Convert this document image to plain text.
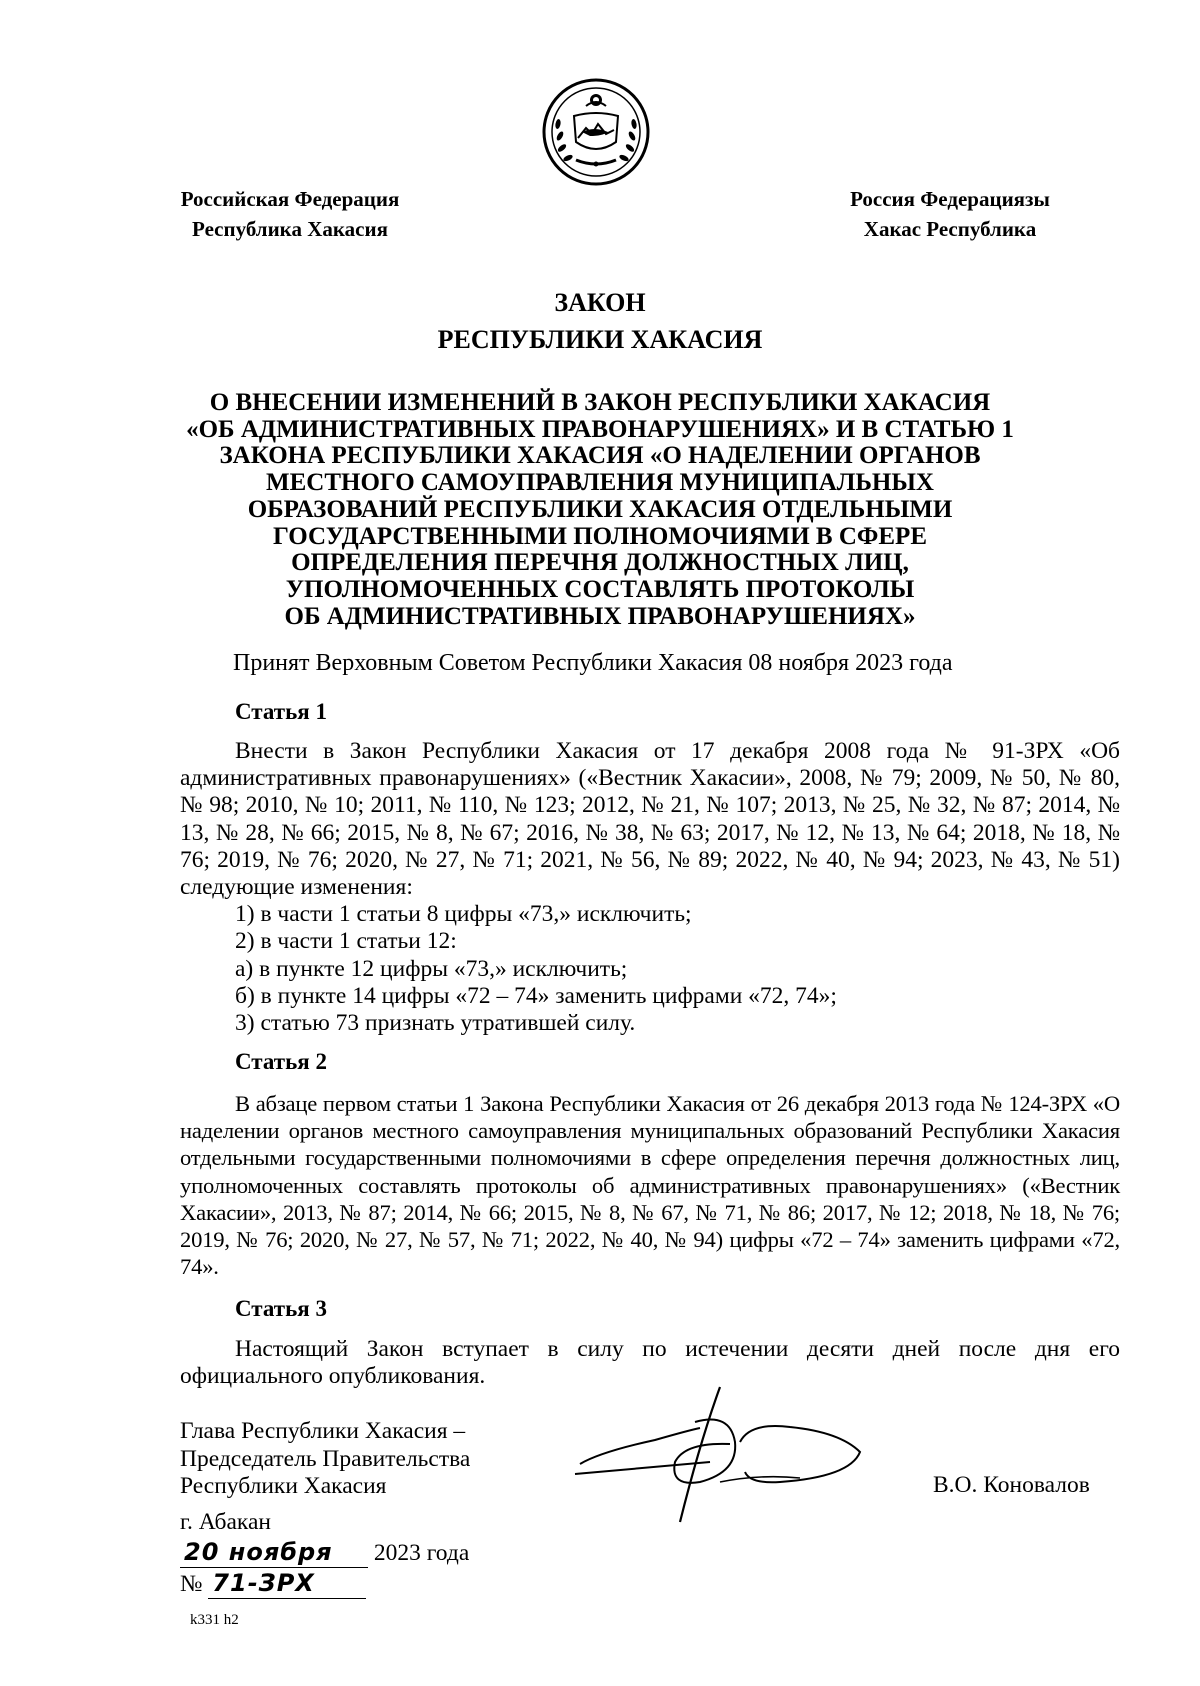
Российская Федерация
Республика Хакасия
Россия Федерациязы
Хакас Республика
ЗАКОН
РЕСПУБЛИКИ ХАКАСИЯ
О ВНЕСЕНИИ ИЗМЕНЕНИЙ В ЗАКОН РЕСПУБЛИКИ ХАКАСИЯ
«ОБ АДМИНИСТРАТИВНЫХ ПРАВОНАРУШЕНИЯХ» И В СТАТЬЮ 1
ЗАКОНА РЕСПУБЛИКИ ХАКАСИЯ «О НАДЕЛЕНИИ ОРГАНОВ
МЕСТНОГО САМОУПРАВЛЕНИЯ МУНИЦИПАЛЬНЫХ
ОБРАЗОВАНИЙ РЕСПУБЛИКИ ХАКАСИЯ ОТДЕЛЬНЫМИ
ГОСУДАРСТВЕННЫМИ ПОЛНОМОЧИЯМИ В СФЕРЕ
ОПРЕДЕЛЕНИЯ ПЕРЕЧНЯ ДОЛЖНОСТНЫХ ЛИЦ,
УПОЛНОМОЧЕННЫХ СОСТАВЛЯТЬ ПРОТОКОЛЫ
ОБ АДМИНИСТРАТИВНЫХ ПРАВОНАРУШЕНИЯХ»
Принят Верховным Советом Республики Хакасия 08 ноября 2023 года
Статья 1

Внести в Закон Республики Хакасия от 17 декабря 2008 года № 91-ЗРХ «Об административных правонарушениях» («Вестник Хакасии», 2008, № 79; 2009, № 50, № 80, № 98; 2010, № 10; 2011, № 110, № 123; 2012, № 21, № 107; 2013, № 25, № 32, № 87; 2014, № 13, № 28, № 66; 2015, № 8, № 67; 2016, № 38, № 63; 2017, № 12, № 13, № 64; 2018, № 18, № 76; 2019, № 76; 2020, № 27, № 71; 2021, № 56, № 89; 2022, № 40, № 94; 2023, № 43, № 51) следующие изменения:

1) в части 1 статьи 8 цифры «73,» исключить;
2) в части 1 статьи 12:
а) в пункте 12 цифры «73,» исключить;
б) в пункте 14 цифры «72 – 74» заменить цифрами «72, 74»;
3) статью 73 признать утратившей силу.
Статья 2

В абзаце первом статьи 1 Закона Республики Хакасия от 26 декабря 2013 года № 124-ЗРХ «О наделении органов местного самоуправления муниципальных образований Республики Хакасия отдельными государственными полномочиями в сфере определения перечня должностных лиц, уполномоченных составлять протоколы об административных правонарушениях» («Вестник Хакасии», 2013, № 87; 2014, № 66; 2015, № 8, № 67, № 71, № 86; 2017, № 12; 2018, № 18, № 76; 2019, № 76; 2020, № 27, № 57, № 71; 2022, № 40, № 94) цифры «72 – 74» заменить цифрами «72, 74».

Статья 3

Настоящий Закон вступает в силу по истечении десяти дней после дня его официального опубликования.

Глава Республики Хакасия –
Председатель Правительства
Республики Хакасия	В.О. Коновалов
г. Абакан
20 ноября 2023 года
№ 71-ЗРХ
k331 h2
